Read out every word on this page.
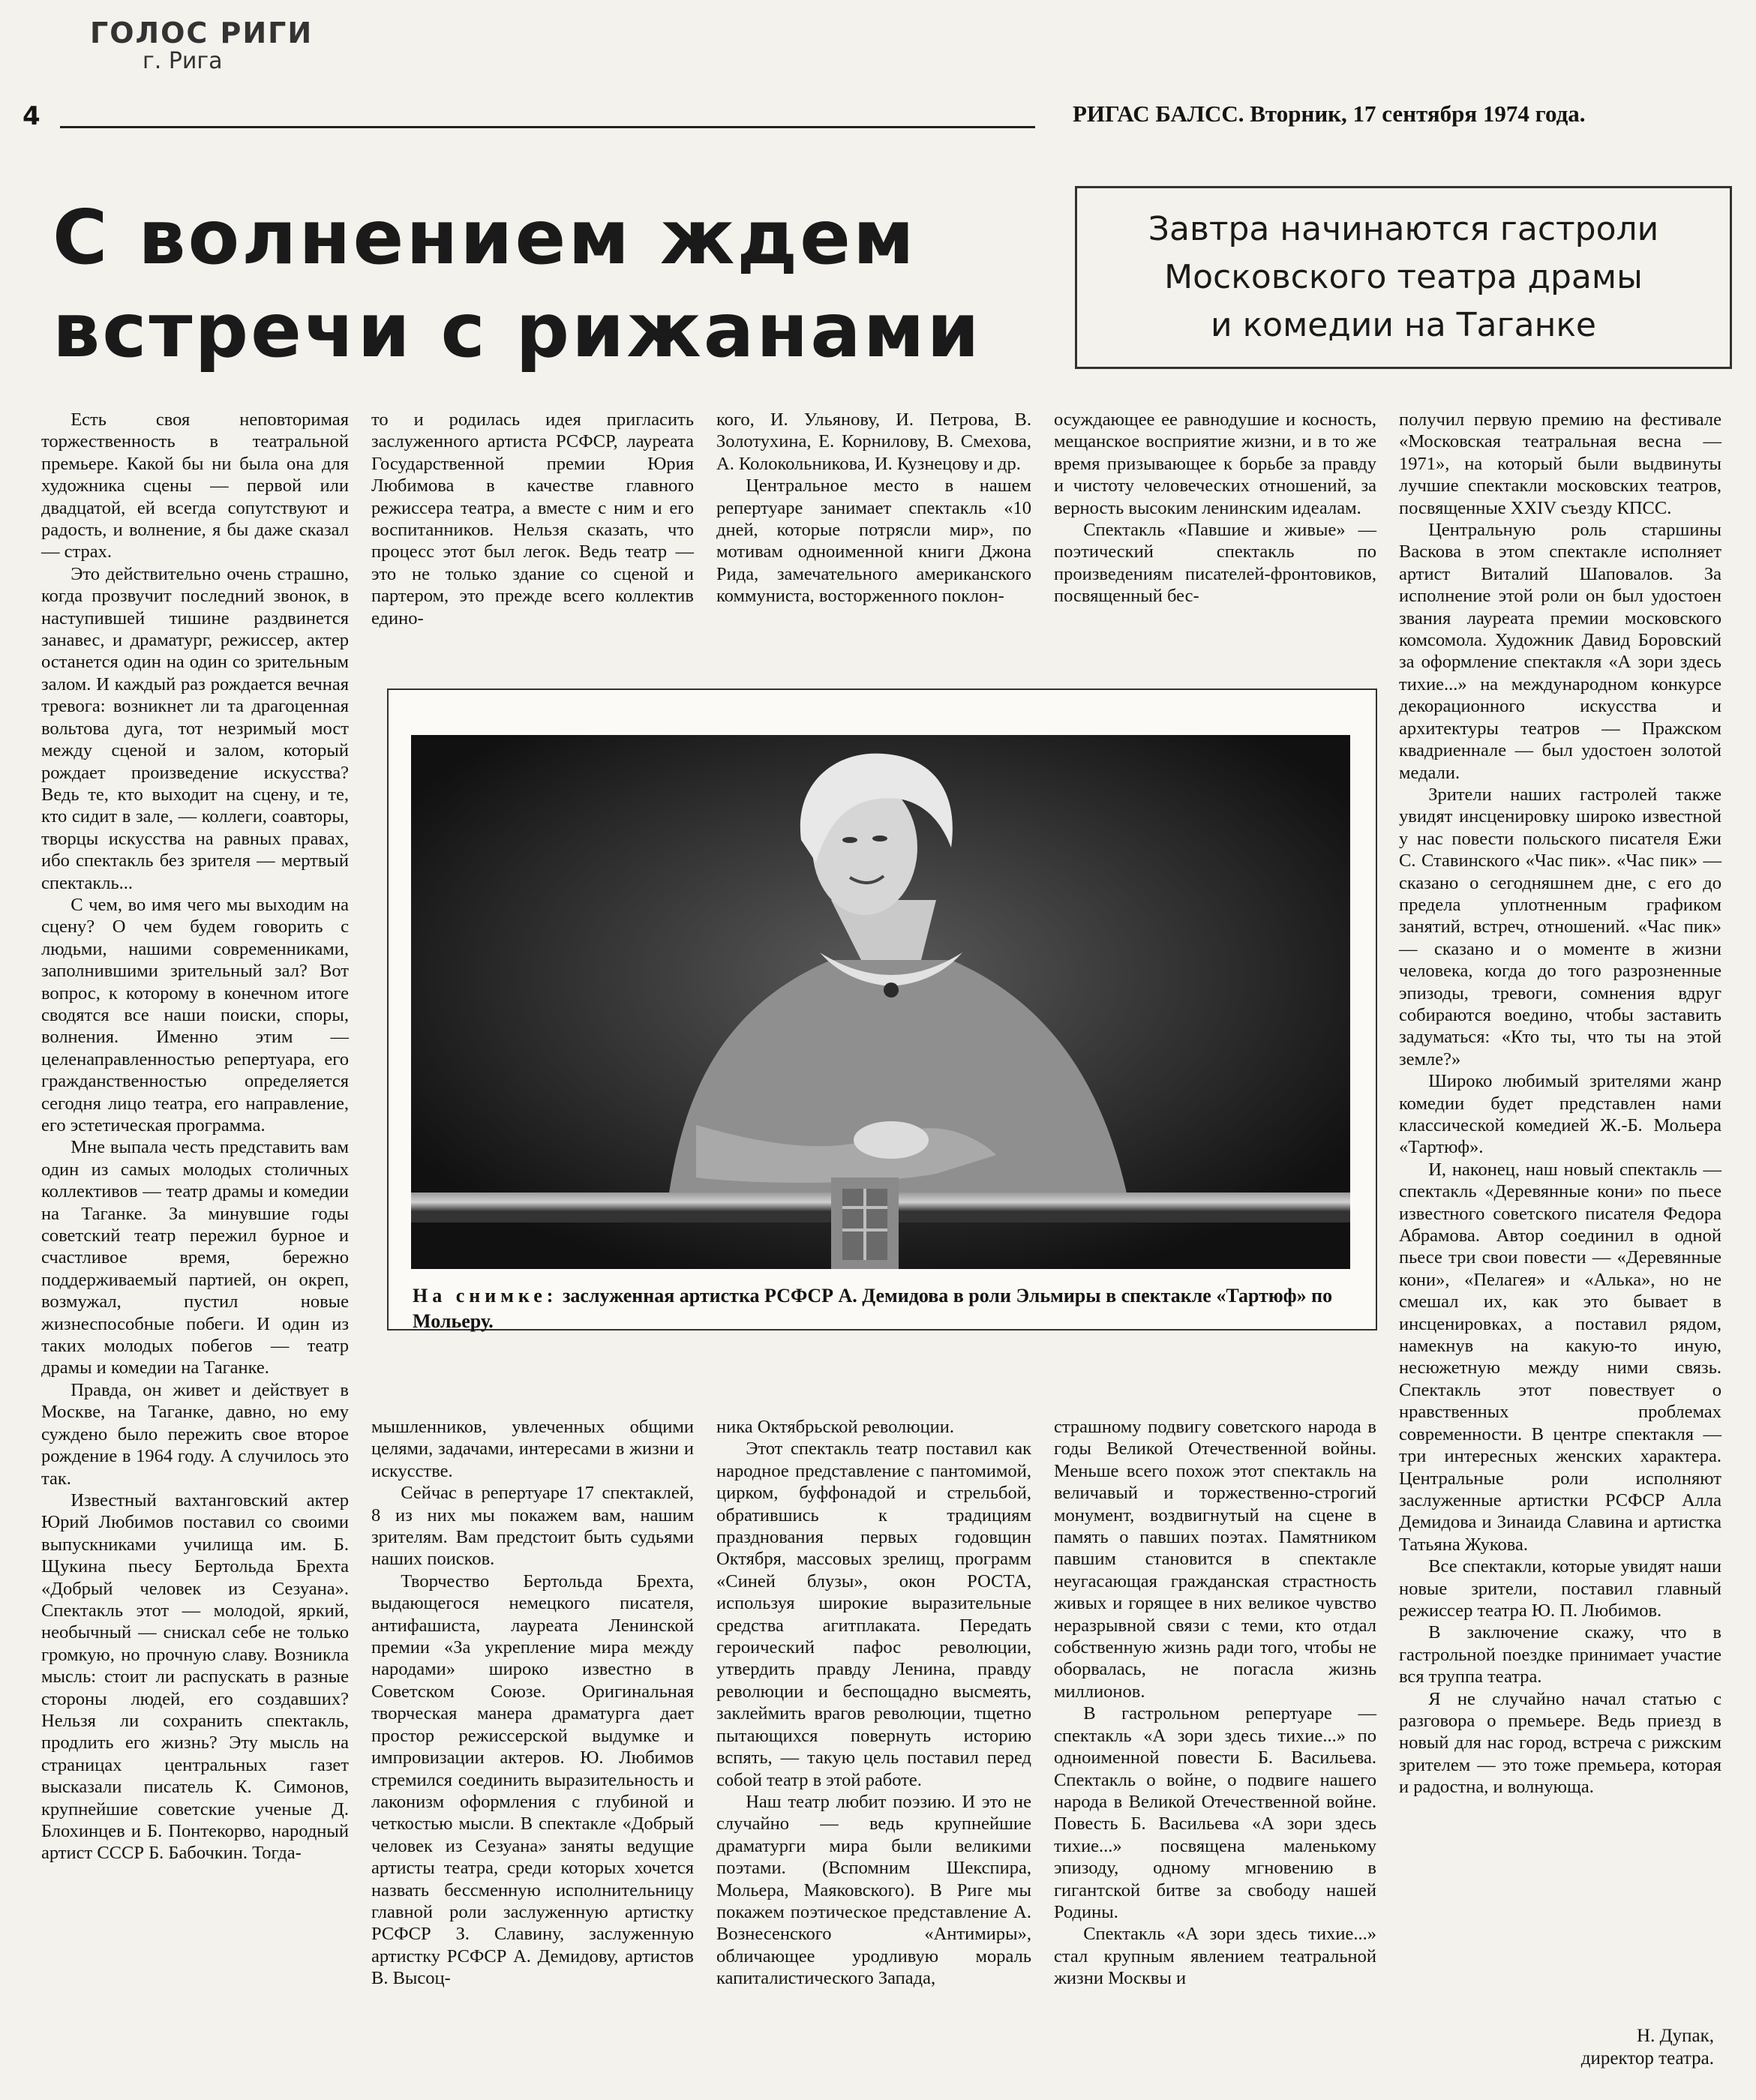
ГОЛОС РИГИ
г. Рига
4	РИГАС БАЛСС. Вторник, 17 сентября 1974 года.
С волнением ждем
встречи с рижанами
Завтра начинаются гастроли
Московского театра драмы
и комедии на Таганке

Есть своя неповторимая торжественность в театральной премьере. Какой бы ни была она для художника сцены — первой или двадцатой, ей всегда сопутствуют и радость, и волнение, я бы даже сказал — страх.

Это действительно очень страшно, когда прозвучит последний звонок, в наступившей тишине раздвинется занавес, и драматург, режиссер, актер останется один на один со зрительным залом. И каждый раз рождается вечная тревога: возникнет ли та драгоценная вольтова дуга, тот незримый мост между сценой и залом, который рождает произведение искусства? Ведь те, кто выходит на сцену, и те, кто сидит в зале, — коллеги, соавторы, творцы искусства на равных правах, ибо спектакль без зрителя — мертвый спектакль...

С чем, во имя чего мы выходим на сцену? О чем будем говорить с людьми, нашими современниками, заполнившими зрительный зал? Вот вопрос, к которому в конечном итоге сводятся все наши поиски, споры, волнения. Именно этим — целенаправленностью репертуара, его гражданственностью определяется сегодня лицо театра, его направление, его эстетическая программа.

Мне выпала честь представить вам один из самых молодых столичных коллективов — театр драмы и комедии на Таганке. За минувшие годы советский театр пережил бурное и счастливое время, бережно поддерживаемый партией, он окреп, возмужал, пустил новые жизнеспособные побеги. И один из таких молодых побегов — театр драмы и комедии на Таганке.

Правда, он живет и действует в Москве, на Таганке, давно, но ему суждено было пережить свое второе рождение в 1964 году. А случилось это так.

Известный вахтанговский актер Юрий Любимов поставил со своими выпускниками училища им. Б. Щукина пьесу Бертольда Брехта «Добрый человек из Сезуана». Спектакль этот — молодой, яркий, необычный — снискал себе не только громкую, но прочную славу. Возникла мысль: стоит ли распускать в разные стороны людей, его создавших? Нельзя ли сохранить спектакль, продлить его жизнь? Эту мысль на страницах центральных газет высказали писатель К. Симонов, крупнейшие советские ученые Д. Блохинцев и Б. Понтекорво, народный артист СССР Б. Бабочкин. Тогда-

то и родилась идея пригласить заслуженного артиста РСФСР, лауреата Государственной премии Юрия Любимова в качестве главного режиссера театра, а вместе с ним и его воспитанников. Нельзя сказать, что процесс этот был легок. Ведь театр — это не только здание со сценой и партером, это прежде всего коллектив едино-

кого, И. Ульянову, И. Петрова, В. Золотухина, Е. Корнилову, В. Смехова, А. Колокольникова, И. Кузнецову и др.

Центральное место в нашем репертуаре занимает спектакль «10 дней, которые потрясли мир», по мотивам одноименной книги Джона Рида, замечательного американского коммуниста, восторженного поклон-

осуждающее ее равнодушие и косность, мещанское восприятие жизни, и в то же время призывающее к борьбе за правду и чистоту человеческих отношений, за верность высоким ленинским идеалам.

Спектакль «Павшие и живые» — поэтический спектакль по произведениям писателей-фронтовиков, посвященный бес-

получил первую премию на фестивале «Московская театральная весна — 1971», на который были выдвинуты лучшие спектакли московских театров, посвященные XXIV съезду КПСС.

Центральную роль старшины Васкова в этом спектакле исполняет артист Виталий Шаповалов. За исполнение этой роли он был удостоен звания лауреата премии московского комсомола. Художник Давид Боровский за оформление спектакля «А зори здесь тихие...» на международном конкурсе декорационного искусства и архитектуры театров — Пражском квадриеннале — был удостоен золотой медали.

Зрители наших гастролей также увидят инсценировку широко известной у нас повести польского писателя Ежи С. Ставинского «Час пик». «Час пик» — сказано о сегодняшнем дне, с его до предела уплотненным графиком занятий, встреч, отношений. «Час пик» — сказано и о моменте в жизни человека, когда до того разрозненные эпизоды, тревоги, сомнения вдруг собираются воедино, чтобы заставить задуматься: «Кто ты, что ты на этой земле?»

Широко любимый зрителями жанр комедии будет представлен нами классической комедией Ж.-Б. Мольера «Тартюф».

И, наконец, наш новый спектакль — спектакль «Деревянные кони» по пьесе известного советского писателя Федора Абрамова. Автор соединил в одной пьесе три свои повести — «Деревянные кони», «Пелагея» и «Алька», но не смешал их, как это бывает в инсценировках, а поставил рядом, намекнув на какую-то иную, несюжетную между ними связь. Спектакль этот повествует о нравственных проблемах современности. В центре спектакля — три интересных женских характера. Центральные роли исполняют заслуженные артистки РСФСР Алла Демидова и Зинаида Славина и артистка Татьяна Жукова.

Все спектакли, которые увидят наши новые зрители, поставил главный режиссер театра Ю. П. Любимов.

В заключение скажу, что в гастрольной поездке принимает участие вся труппа театра.

Я не случайно начал статью с разговора о премьере. Ведь приезд в новый для нас город, встреча с рижским зрителем — это тоже премьера, которая и радостна, и волнующа.

На снимке: заслуженная артистка РСФСР А. Демидова в роли Эльмиры в спектакле «Тартюф» по Мольеру.

мышленников, увлеченных общими целями, задачами, интересами в жизни и искусстве.

Сейчас в репертуаре 17 спектаклей, 8 из них мы покажем вам, нашим зрителям. Вам предстоит быть судьями наших поисков.

Творчество Бертольда Брехта, выдающегося немецкого писателя, антифашиста, лауреата Ленинской премии «За укрепление мира между народами» широко известно в Советском Союзе. Оригинальная творческая манера драматурга дает простор режиссерской выдумке и импровизации актеров. Ю. Любимов стремился соединить выразительность и лаконизм оформления с глубиной и четкостью мысли. В спектакле «Добрый человек из Сезуана» заняты ведущие артисты театра, среди которых хочется назвать бессменную исполнительницу главной роли заслуженную артистку РСФСР З. Славину, заслуженную артистку РСФСР А. Демидову, артистов В. Высоц-

ника Октябрьской революции.

Этот спектакль театр поставил как народное представление с пантомимой, цирком, буффонадой и стрельбой, обратившись к традициям празднования первых годовщин Октября, массовых зрелищ, программ «Синей блузы», окон РОСТА, используя широкие выразительные средства агитплаката. Передать героический пафос революции, утвердить правду Ленина, правду революции и беспощадно высмеять, заклеймить врагов революции, тщетно пытающихся повернуть историю вспять, — такую цель поставил перед собой театр в этой работе.

Наш театр любит поэзию. И это не случайно — ведь крупнейшие драматурги мира были великими поэтами. (Вспомним Шекспира, Мольера, Маяковского). В Риге мы покажем поэтическое представление А. Вознесенского «Антимиры», обличающее уродливую мораль капиталистического Запада,

страшному подвигу советского народа в годы Великой Отечественной войны. Меньше всего похож этот спектакль на величавый и торжественно-строгий монумент, воздвигнутый на сцене в память о павших поэтах. Памятником павшим становится в спектакле неугасающая гражданская страстность живых и горящее в них великое чувство неразрывной связи с теми, кто отдал собственную жизнь ради того, чтобы не оборвалась, не погасла жизнь миллионов.

В гастрольном репертуаре — спектакль «А зори здесь тихие...» по одноименной повести Б. Васильева. Спектакль о войне, о подвиге нашего народа в Великой Отечественной войне. Повесть Б. Васильева «А зори здесь тихие...» посвящена маленькому эпизоду, одному мгновению в гигантской битве за свободу нашей Родины.

Спектакль «А зори здесь тихие...» стал крупным явлением театральной жизни Москвы и

Н. Дупак,
директор театра.
